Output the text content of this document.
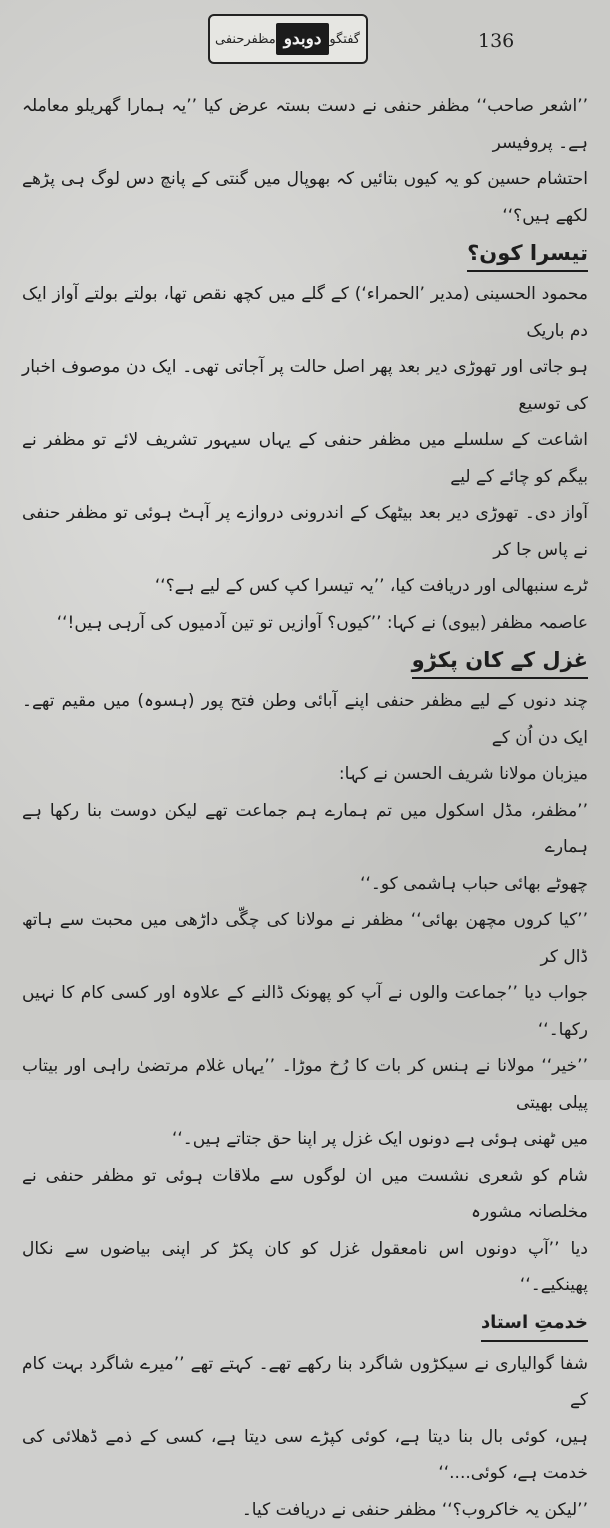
گفتگو
دوبدو
مظفرحنفی	136

’’اشعر صاحب‘‘ مظفر حنفی نے دست بستہ عرض کیا ’’یہ ہمارا گھریلو معاملہ ہے۔ پروفیسر
احتشام حسین کو یہ کیوں بتائیں کہ بھوپال میں گنتی کے پانچ دس لوگ ہی پڑھے لکھے ہیں؟‘‘

تیسرا کون؟

محمود الحسینی (مدیر ’الحمراء‘) کے گلے میں کچھ نقص تھا، بولتے بولتے آواز ایک دم باریک
ہو جاتی اور تھوڑی دیر بعد پھر اصل حالت پر آجاتی تھی۔ ایک دن موصوف اخبار کی توسیع
اشاعت کے سلسلے میں مظفر حنفی کے یہاں سیہور تشریف لائے تو مظفر نے بیگم کو چائے کے لیے
آواز دی۔ تھوڑی دیر بعد بیٹھک کے اندرونی دروازے پر آہٹ ہوئی تو مظفر حنفی نے پاس جا کر
ٹرے سنبھالی اور دریافت کیا، ’’یہ تیسرا کپ کس کے لیے ہے؟‘‘
عاصمہ مظفر (بیوی) نے کہا: ’’کیوں؟ آوازیں تو تین آدمیوں کی آرہی ہیں!‘‘

غزل کے کان پکڑو

چند دنوں کے لیے مظفر حنفی اپنے آبائی وطن فتح پور (ہسوہ) میں مقیم تھے۔ ایک دن اُن کے
میزبان مولانا شریف الحسن نے کہا:
’’مظفر، مڈل اسکول میں تم ہمارے ہم جماعت تھے لیکن دوست بنا رکھا ہے ہمارے
چھوٹے بھائی حباب ہاشمی کو۔‘‘
’’کیا کروں مچھن بھائی‘‘ مظفر نے مولانا کی چگّی داڑھی میں محبت سے ہاتھ ڈال کر
جواب دیا ’’جماعت والوں نے آپ کو پھونک ڈالنے کے علاوہ اور کسی کام کا نہیں رکھا۔‘‘
’’خیر‘‘ مولانا نے ہنس کر بات کا رُخ موڑا۔ ’’یہاں غلام مرتضیٰ راہی اور بیتاب پیلی بھیتی
میں ٹھنی ہوئی ہے دونوں ایک غزل پر اپنا حق جتاتے ہیں۔‘‘
شام کو شعری نشست میں ان لوگوں سے ملاقات ہوئی تو مظفر حنفی نے مخلصانہ مشورہ
دیا ’’آپ دونوں اس نامعقول غزل کو کان پکڑ کر اپنی بیاضوں سے نکال پھینکیے۔‘‘

خدمتِ استاد

شفا گوالیاری نے سیکڑوں شاگرد بنا رکھے تھے۔ کہتے تھے ’’میرے شاگرد بہت کام کے
ہیں، کوئی بال بنا دیتا ہے، کوئی کپڑے سی دیتا ہے، کسی کے ذمے ڈھلائی کی خدمت ہے، کوئی....‘‘
’’لیکن یہ خاکروب؟‘‘ مظفر حنفی نے دریافت کیا۔
